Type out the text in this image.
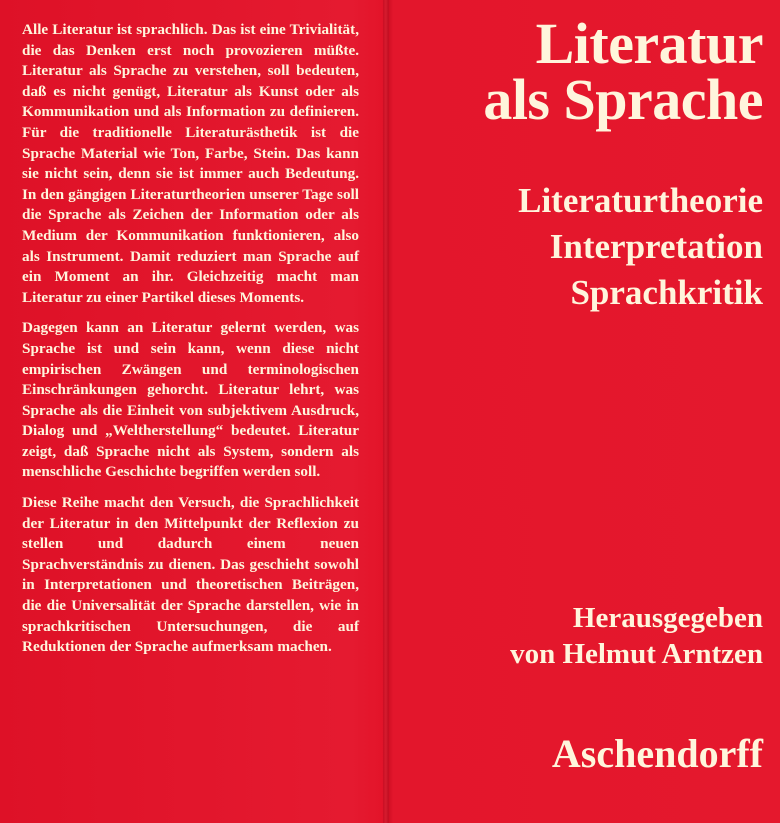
Alle Literatur ist sprachlich. Das ist eine Trivialität, die das Denken erst noch provozieren müßte. Literatur als Sprache zu verstehen, soll bedeuten, daß es nicht genügt, Literatur als Kunst oder als Kommunikation und als Information zu definieren. Für die traditionelle Literaturästhetik ist die Sprache Material wie Ton, Farbe, Stein. Das kann sie nicht sein, denn sie ist immer auch Bedeutung. In den gängigen Literaturtheorien unserer Tage soll die Sprache als Zeichen der Information oder als Medium der Kommunikation funktionieren, also als Instrument. Damit reduziert man Sprache auf ein Moment an ihr. Gleichzeitig macht man Literatur zu einer Partikel dieses Moments.

Dagegen kann an Literatur gelernt werden, was Sprache ist und sein kann, wenn diese nicht empirischen Zwängen und terminologischen Einschränkungen gehorcht. Literatur lehrt, was Sprache als die Einheit von subjektivem Ausdruck, Dialog und „Weltherstellung“ bedeutet. Literatur zeigt, daß Sprache nicht als System, sondern als menschliche Geschichte begriffen werden soll.

Diese Reihe macht den Versuch, die Sprachlichkeit der Literatur in den Mittelpunkt der Reflexion zu stellen und dadurch einem neuen Sprachverständnis zu dienen. Das geschieht sowohl in Interpretationen und theoretischen Beiträgen, die die Universalität der Sprache darstellen, wie in sprachkritischen Untersuchungen, die auf Reduktionen der Sprache aufmerksam machen.

Literatur
als Sprache
Literaturtheorie
Interpretation
Sprachkritik
Herausgegeben
von Helmut Arntzen
Aschendorff
